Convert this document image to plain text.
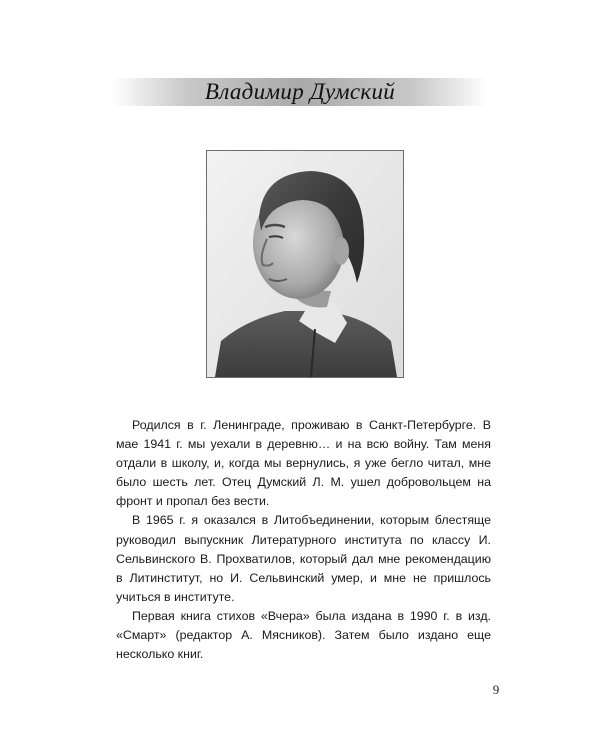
Владимир Думский

Родился в г. Ленинграде, проживаю в Санкт-Петербурге. В мае 1941 г. мы уехали в деревню… и на всю войну. Там меня отдали в школу, и, когда мы вернулись, я уже бегло читал, мне было шесть лет. Отец Думский Л. М. ушел добровольцем на фронт и пропал без вести.

В 1965 г. я оказался в Литобъединении, которым блестяще руководил выпускник Литературного института по классу И. Сельвинского В. Прохватилов, который дал мне рекомендацию в Литинститут, но И. Сельвинский умер, и мне не пришлось учиться в институте.

Первая книга стихов «Вчера» была издана в 1990 г. в изд. «Смарт» (редактор А. Мясников). Затем было издано еще несколько книг.

9
